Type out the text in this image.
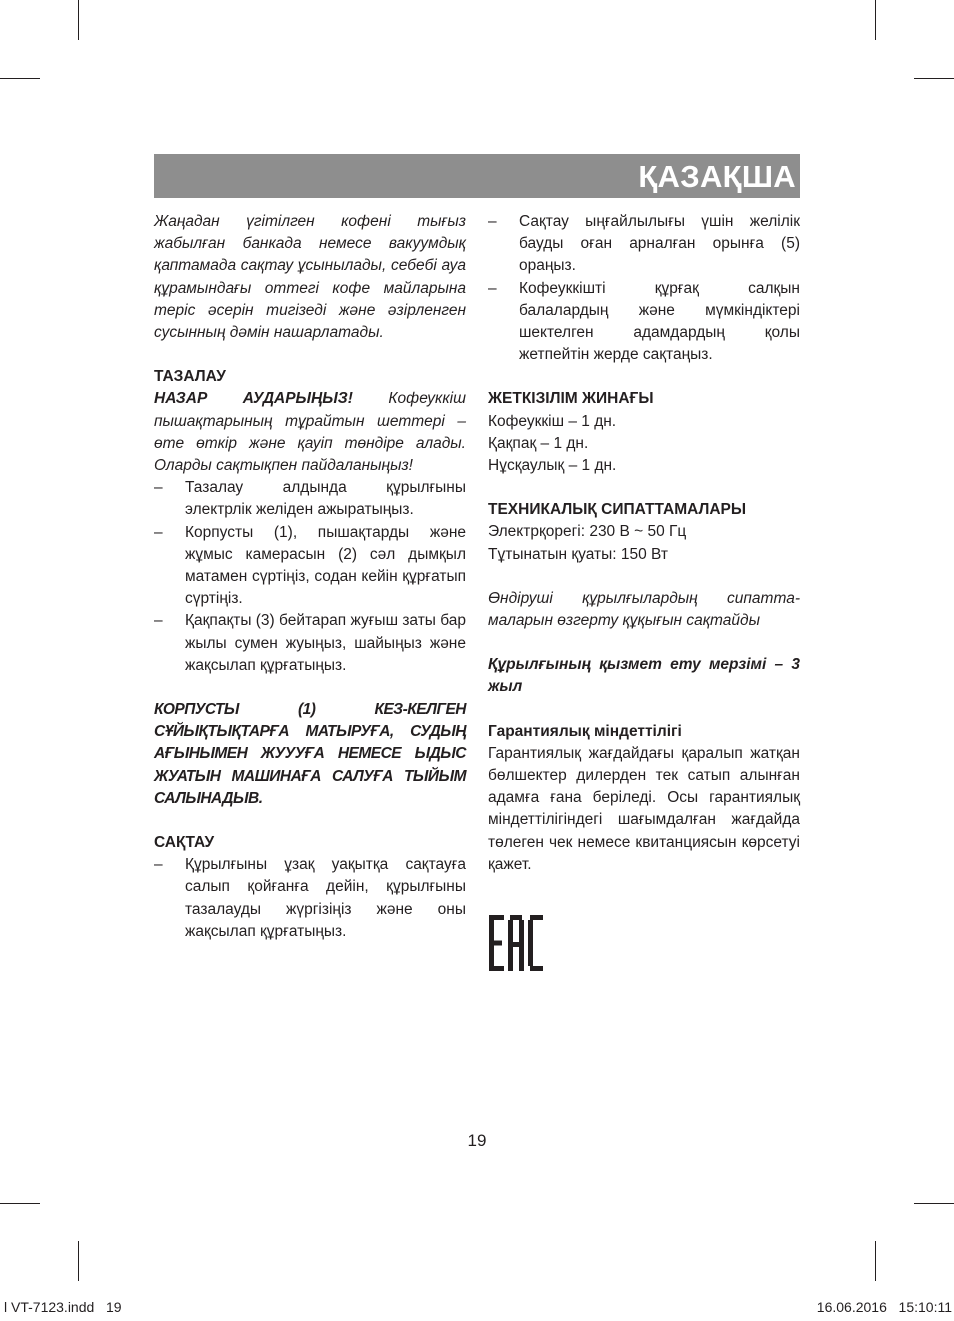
ҚАЗАҚША

Жаңадан үгітілген кофені тығыз жабылған банкада немесе вакуумдық қаптамада сақтау ұсынылады, себебі ауа құрамындағы оттегі кофе майларына теріс әсерін тигізеді және әзірленген сусынның дәмін нашарлатады.

ТАЗАЛАУ

НАЗАР АУДАРЫҢЫЗ! Кофеуккіш пышақтарының тұрайтын шеттері – өте өткір және қауіп төндіре алады. Оларды сақтықпен пайдаланыңыз!

– Тазалау алдында құрылғыны электрлік желіден ажыратыңыз.
– Корпусты (1), пышақтарды және жұмыс камерасын (2) сәл дымқыл матамен сүртіңіз, содан кейін құрғатып сүртіңіз.
– Қақпақты (3) бейтарап жуғыш заты бар жылы сумен жуыңыз, шайыңыз және жақсылап құрғатыңыз.

КОРПУСТЫ (1) КЕЗ-КЕЛГЕН СҰЙЫҚТЫҚТАРҒА МАТЫРУҒА, СУДЫҢ АҒЫНЫМЕН ЖУУУҒА НЕМЕСЕ ЫДЫС ЖУАТЫН МАШИНАҒА САЛУҒА ТЫЙЫМ САЛЫНАДЫВ.

САҚТАУ

– Құрылғыны ұзақ уақытқа сақтауға салып қойғанға дейін, құрылғыны тазалауды жүргізіңіз және оны жақсылап құрғатыңыз.
– Сақтау ыңғайлылығы үшін желілік бауды оған арналған орынға (5) ораңыз.
– Кофеуккішті құрғақ салқын балалардың және мүмкіндіктері шектелген адамдардың қолы жетпейтін жерде сақтаңыз.

ЖЕТКІЗІЛІМ ЖИНАҒЫ

Кофеуккіш – 1 дн.

Қақпақ – 1 дн.

Нұсқаулық – 1 дн.

ТЕХНИКАЛЫҚ СИПАТТАМАЛАРЫ

Электрқорегі: 230 В ~ 50 Гц

Тұтынатын қуаты: 150 Вт

Өндіруші құрылғылардың сипатта-маларын өзгерту құқығын сақтайды

Құрылғының қызмет ету мерзімі – 3 жыл

Гарантиялық міндеттілігі

Гарантиялық жағдайдағы қаралып жатқан бөлшектер дилерден тек сатып алынған адамға ғана беріледі. Осы гарантиялық міндеттілігіндегі шағымдалған жағдайда төлеген чек немесе квитанциясын көрсетуі қажет.

19
l VT-7123.indd   19	16.06.2016   15:10:11
